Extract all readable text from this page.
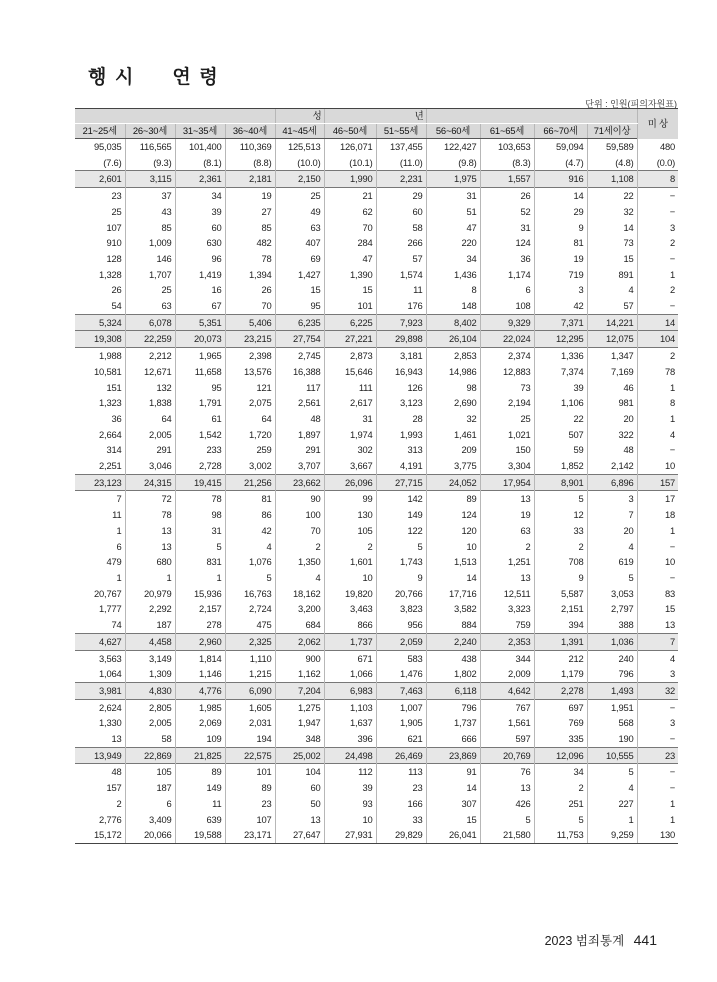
행 시     연 령
단위 : 인원(피의자원표)
				성	년						미 상
21~25세	26~30세	31~35세	36~40세	41~45세	46~50세	51~55세	56~60세	61~65세	66~70세	71세이상	
95,035	116,565	101,400	110,369	125,513	126,071	137,455	122,427	103,653	59,094	59,589	480
(7.6)	(9.3)	(8.1)	(8.8)	(10.0)	(10.1)	(11.0)	(9.8)	(8.3)	(4.7)	(4.8)	(0.0)
2,601	3,115	2,361	2,181	2,150	1,990	2,231	1,975	1,557	916	1,108	8
23	37	34	19	25	21	29	31	26	14	22	−
25	43	39	27	49	62	60	51	52	29	32	−
107	85	60	85	63	70	58	47	31	9	14	3
910	1,009	630	482	407	284	266	220	124	81	73	2
128	146	96	78	69	47	57	34	36	19	15	−
1,328	1,707	1,419	1,394	1,427	1,390	1,574	1,436	1,174	719	891	1
26	25	16	26	15	15	11	8	6	3	4	2
54	63	67	70	95	101	176	148	108	42	57	−
5,324	6,078	5,351	5,406	6,235	6,225	7,923	8,402	9,329	7,371	14,221	14
19,308	22,259	20,073	23,215	27,754	27,221	29,898	26,104	22,024	12,295	12,075	104
1,988	2,212	1,965	2,398	2,745	2,873	3,181	2,853	2,374	1,336	1,347	2
10,581	12,671	11,658	13,576	16,388	15,646	16,943	14,986	12,883	7,374	7,169	78
151	132	95	121	117	111	126	98	73	39	46	1
1,323	1,838	1,791	2,075	2,561	2,617	3,123	2,690	2,194	1,106	981	8
36	64	61	64	48	31	28	32	25	22	20	1
2,664	2,005	1,542	1,720	1,897	1,974	1,993	1,461	1,021	507	322	4
314	291	233	259	291	302	313	209	150	59	48	−
2,251	3,046	2,728	3,002	3,707	3,667	4,191	3,775	3,304	1,852	2,142	10
23,123	24,315	19,415	21,256	23,662	26,096	27,715	24,052	17,954	8,901	6,896	157
7	72	78	81	90	99	142	89	13	5	3	17
11	78	98	86	100	130	149	124	19	12	7	18
1	13	31	42	70	105	122	120	63	33	20	1
6	13	5	4	2	2	5	10	2	2	4	−
479	680	831	1,076	1,350	1,601	1,743	1,513	1,251	708	619	10
1	1	1	5	4	10	9	14	13	9	5	−
20,767	20,979	15,936	16,763	18,162	19,820	20,766	17,716	12,511	5,587	3,053	83
1,777	2,292	2,157	2,724	3,200	3,463	3,823	3,582	3,323	2,151	2,797	15
74	187	278	475	684	866	956	884	759	394	388	13
4,627	4,458	2,960	2,325	2,062	1,737	2,059	2,240	2,353	1,391	1,036	7
3,563	3,149	1,814	1,110	900	671	583	438	344	212	240	4
1,064	1,309	1,146	1,215	1,162	1,066	1,476	1,802	2,009	1,179	796	3
3,981	4,830	4,776	6,090	7,204	6,983	7,463	6,118	4,642	2,278	1,493	32
2,624	2,805	1,985	1,605	1,275	1,103	1,007	796	767	697	1,951	−
1,330	2,005	2,069	2,031	1,947	1,637	1,905	1,737	1,561	769	568	3
13	58	109	194	348	396	621	666	597	335	190	−
13,949	22,869	21,825	22,575	25,002	24,498	26,469	23,869	20,769	12,096	10,555	23
48	105	89	101	104	112	113	91	76	34	5	−
157	187	149	89	60	39	23	14	13	2	4	−
2	6	11	23	50	93	166	307	426	251	227	1
2,776	3,409	639	107	13	10	33	15	5	5	1	1
15,172	20,066	19,588	23,171	27,647	27,931	29,829	26,041	21,580	11,753	9,259	130
2023 범죄통계 441
